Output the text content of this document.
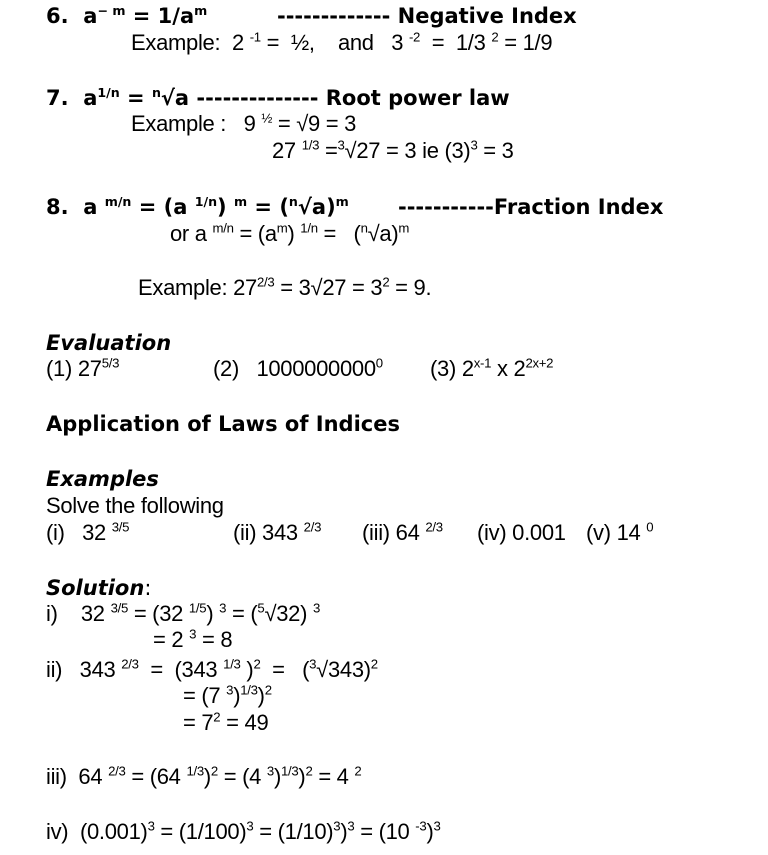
6. $a^{- m} = 1/a^m$	------------- Negative Index
Example: 2 $^{-1}$ =  ½, and 3 $^{-2}$ =  1/3 $^2$ = 1/9
7. $a^{1/n} = ^n√a$ -------------- Root power law
Example : 9 $^{\frac{1}{2}}$ = √9 = 3
27 $^{1/3}$ =$^3$√27 = 3 ie $(3)^3 = 3$
8. a $^{m/n}$ = (a $^{1/n}$) $^m = (^n√a)^m$ -----------Fraction Index
or a $^{m/n} = (a^m) ^{1/n} = (^n√a)^m$
Example: $27^{2/3} = 3√27 = 3^2 = 9$.
Evaluation
(1) $27^{5/3}$	(2) 1000000000$^0$ (3) 2$^{x-1}$ x $2^{2x+2}$
Application of Laws of Indices
Examples
Solve the following
(i) 32 $^{3/5}$	(ii) 343 $^{2/3}$ (iii) 64 $^{2/3}$ (iv) 0.001 (v) 14 $^0$
Solution:
i) 32 $^{3/5}$ = (32 $^{1/5}$) $^3$ = ($^5$√32) $^3$
= 2 $^3$ = 8
ii) 343 $^{2/3}$ =  (343 $^{1/3}$ )$^2 = (^3√343)^2$
= (7 $^3$)$^{1/3}$)$^2$
= $7^2 = 49$
iii) 64 $^{2/3}$ = (64 $^{1/3}$)$^2$ = (4 $^3$)$^{1/3}$)$^2$ = 4 $^2$
iv) $(0.001)^3 = (1/100)^3 = (1/10)^3)^3 = (10$ $^{-3}$)$^3$
